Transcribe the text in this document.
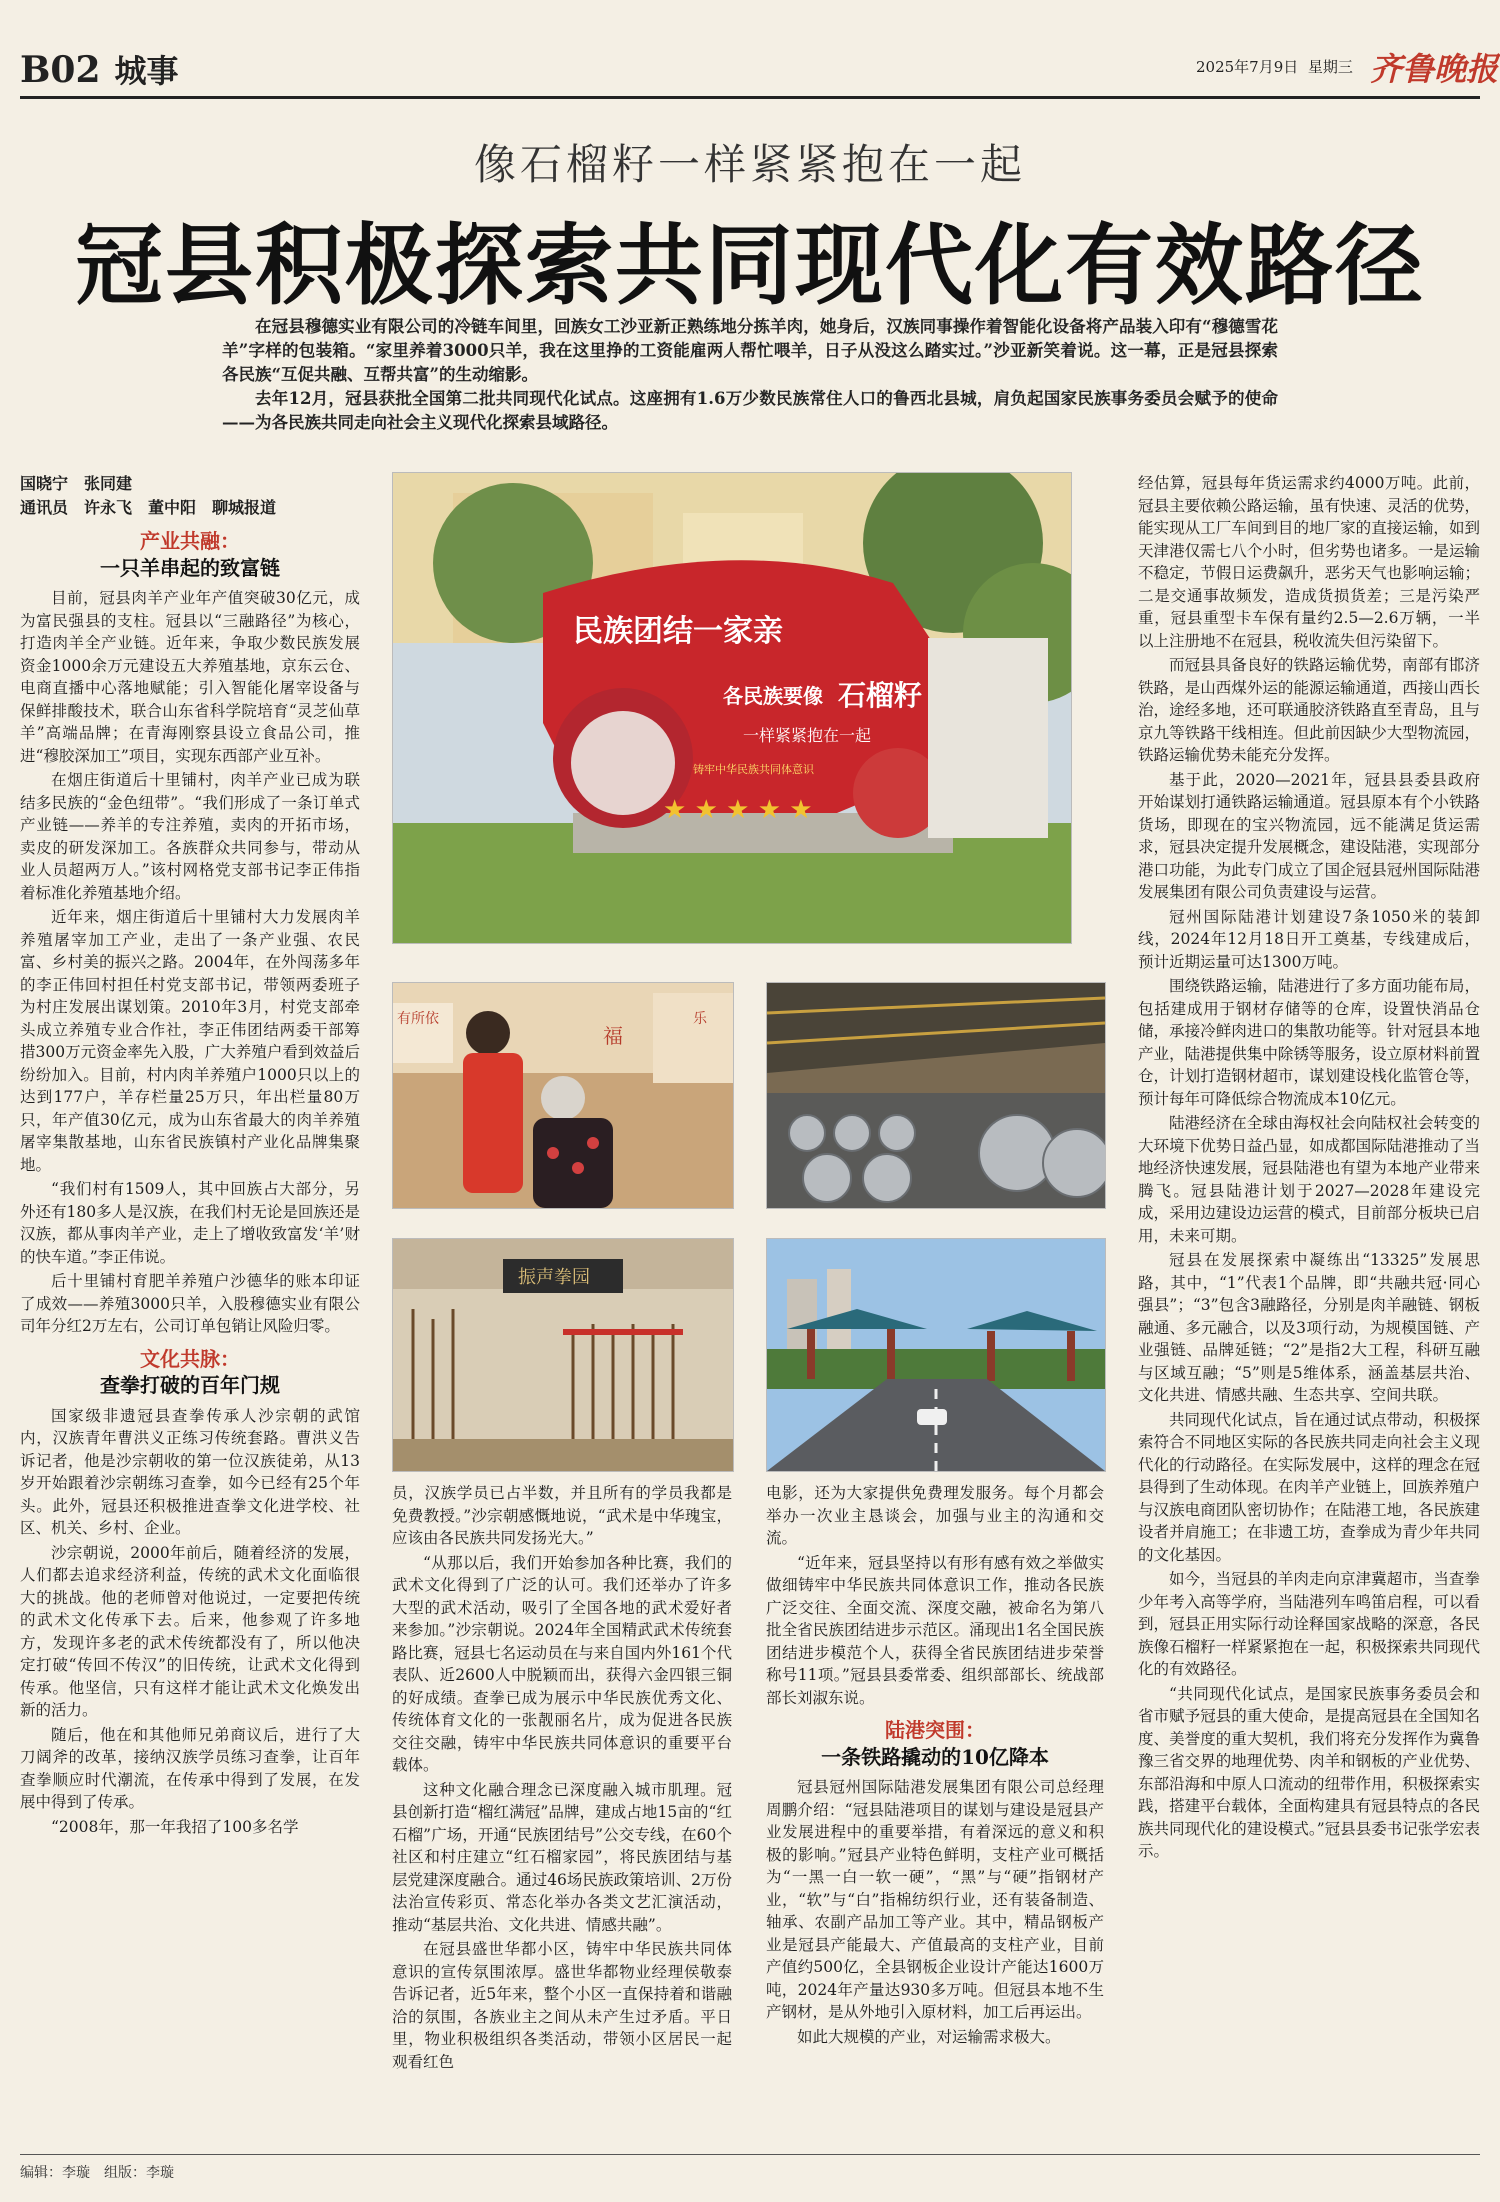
B02 城事	2025年7月9日 星期三 齐鲁晚报
像石榴籽一样紧紧抱在一起
冠县积极探索共同现代化有效路径

在冠县穆德实业有限公司的冷链车间里，回族女工沙亚新正熟练地分拣羊肉，她身后，汉族同事操作着智能化设备将产品装入印有“穆德雪花羊”字样的包装箱。“家里养着3000只羊，我在这里挣的工资能雇两人帮忙喂羊，日子从没这么踏实过。”沙亚新笑着说。这一幕，正是冠县探索各民族“互促共融、互帮共富”的生动缩影。

去年12月，冠县获批全国第二批共同现代化试点。这座拥有1.6万少数民族常住人口的鲁西北县城，肩负起国家民族事务委员会赋予的使命——为各民族共同走向社会主义现代化探索县域路径。

国晓宁　张同建
通讯员　许永飞　董中阳　聊城报道
产业共融：
一只羊串起的致富链

目前，冠县肉羊产业年产值突破30亿元，成为富民强县的支柱。冠县以“三融路径”为核心，打造肉羊全产业链。近年来，争取少数民族发展资金1000余万元建设五大养殖基地，京东云仓、电商直播中心落地赋能；引入智能化屠宰设备与保鲜排酸技术，联合山东省科学院培育“灵芝仙草羊”高端品牌；在青海刚察县设立食品公司，推进“穆胶深加工”项目，实现东西部产业互补。

在烟庄街道后十里铺村，肉羊产业已成为联结多民族的“金色纽带”。“我们形成了一条订单式产业链——养羊的专注养殖，卖肉的开拓市场，卖皮的研发深加工。各族群众共同参与，带动从业人员超两万人。”该村网格党支部书记李正伟指着标准化养殖基地介绍。

近年来，烟庄街道后十里铺村大力发展肉羊养殖屠宰加工产业，走出了一条产业强、农民富、乡村美的振兴之路。2004年，在外闯荡多年的李正伟回村担任村党支部书记，带领两委班子为村庄发展出谋划策。2010年3月，村党支部牵头成立养殖专业合作社，李正伟团结两委干部筹措300万元资金率先入股，广大养殖户看到效益后纷纷加入。目前，村内肉羊养殖户1000只以上的达到177户，羊存栏量25万只，年出栏量80万只，年产值30亿元，成为山东省最大的肉羊养殖屠宰集散基地，山东省民族镇村产业化品牌集聚地。

“我们村有1509人，其中回族占大部分，另外还有180多人是汉族，在我们村无论是回族还是汉族，都从事肉羊产业，走上了增收致富发‘羊’财的快车道。”李正伟说。

后十里铺村育肥羊养殖户沙德华的账本印证了成效——养殖3000只羊，入股穆德实业有限公司年分红2万左右，公司订单包销让风险归零。

文化共脉：
查拳打破的百年门规

国家级非遗冠县查拳传承人沙宗朝的武馆内，汉族青年曹洪义正练习传统套路。曹洪义告诉记者，他是沙宗朝收的第一位汉族徒弟，从13岁开始跟着沙宗朝练习查拳，如今已经有25个年头。此外，冠县还积极推进查拳文化进学校、社区、机关、乡村、企业。

沙宗朝说，2000年前后，随着经济的发展，人们都去追求经济利益，传统的武术文化面临很大的挑战。他的老师曾对他说过，一定要把传统的武术文化传承下去。后来，他参观了许多地方，发现许多老的武术传统都没有了，所以他决定打破“传回不传汉”的旧传统，让武术文化得到传承。他坚信，只有这样才能让武术文化焕发出新的活力。

随后，他在和其他师兄弟商议后，进行了大刀阔斧的改革，接纳汉族学员练习查拳，让百年查拳顺应时代潮流，在传承中得到了发展，在发展中得到了传承。

“2008年，那一年我招了100多名学

民族团结一家亲
各民族要像 石榴籽
一样紧紧抱在一起
铸牢中华民族共同体意识
★ ★ ★ ★ ★
有所依	乐
福
振声拳园

员，汉族学员已占半数，并且所有的学员我都是免费教授。”沙宗朝感慨地说，“武术是中华瑰宝，应该由各民族共同发扬光大。”

“从那以后，我们开始参加各种比赛，我们的武术文化得到了广泛的认可。我们还举办了许多大型的武术活动，吸引了全国各地的武术爱好者来参加。”沙宗朝说。2024年全国精武武术传统套路比赛，冠县七名运动员在与来自国内外161个代表队、近2600人中脱颖而出，获得六金四银三铜的好成绩。查拳已成为展示中华民族优秀文化、传统体育文化的一张靓丽名片，成为促进各民族交往交融，铸牢中华民族共同体意识的重要平台载体。

这种文化融合理念已深度融入城市肌理。冠县创新打造“榴红满冠”品牌，建成占地15亩的“红石榴”广场，开通“民族团结号”公交专线，在60个社区和村庄建立“红石榴家园”，将民族团结与基层党建深度融合。通过46场民族政策培训、2万份法治宣传彩页、常态化举办各类文艺汇演活动，推动“基层共治、文化共进、情感共融”。

在冠县盛世华都小区，铸牢中华民族共同体意识的宣传氛围浓厚。盛世华都物业经理侯敬泰告诉记者，近5年来，整个小区一直保持着和谐融洽的氛围，各族业主之间从未产生过矛盾。平日里，物业积极组织各类活动，带领小区居民一起观看红色

电影，还为大家提供免费理发服务。每个月都会举办一次业主恳谈会，加强与业主的沟通和交流。

“近年来，冠县坚持以有形有感有效之举做实做细铸牢中华民族共同体意识工作，推动各民族广泛交往、全面交流、深度交融，被命名为第八批全省民族团结进步示范区。涌现出1名全国民族团结进步模范个人，获得全省民族团结进步荣誉称号11项。”冠县县委常委、组织部部长、统战部部长刘淑东说。

陆港突围：
一条铁路撬动的10亿降本

冠县冠州国际陆港发展集团有限公司总经理周鹏介绍：“冠县陆港项目的谋划与建设是冠县产业发展进程中的重要举措，有着深远的意义和积极的影响。”冠县产业特色鲜明，支柱产业可概括为“一黑一白一软一硬”，“黑”与“硬”指钢材产业，“软”与“白”指棉纺织行业，还有装备制造、轴承、农副产品加工等产业。其中，精品钢板产业是冠县产能最大、产值最高的支柱产业，目前产值约500亿，全县钢板企业设计产能达1600万吨，2024年产量达930多万吨。但冠县本地不生产钢材，是从外地引入原材料，加工后再运出。

如此大规模的产业，对运输需求极大。

经估算，冠县每年货运需求约4000万吨。此前，冠县主要依赖公路运输，虽有快速、灵活的优势，能实现从工厂车间到目的地厂家的直接运输，如到天津港仅需七八个小时，但劣势也诸多。一是运输不稳定，节假日运费飙升，恶劣天气也影响运输；二是交通事故频发，造成货损货差；三是污染严重，冠县重型卡车保有量约2.5—2.6万辆，一半以上注册地不在冠县，税收流失但污染留下。

而冠县具备良好的铁路运输优势，南部有邯济铁路，是山西煤外运的能源运输通道，西接山西长治，途经多地，还可联通胶济铁路直至青岛，且与京九等铁路干线相连。但此前因缺少大型物流园，铁路运输优势未能充分发挥。

基于此，2020—2021年，冠县县委县政府开始谋划打通铁路运输通道。冠县原本有个小铁路货场，即现在的宝兴物流园，远不能满足货运需求，冠县决定提升发展概念，建设陆港，实现部分港口功能，为此专门成立了国企冠县冠州国际陆港发展集团有限公司负责建设与运营。

冠州国际陆港计划建设7条1050米的装卸线，2024年12月18日开工奠基，专线建成后，预计近期运量可达1300万吨。

围绕铁路运输，陆港进行了多方面功能布局，包括建成用于钢材存储等的仓库，设置快消品仓储，承接冷鲜肉进口的集散功能等。针对冠县本地产业，陆港提供集中除锈等服务，设立原材料前置仓，计划打造钢材超市，谋划建设栈化监管仓等，预计每年可降低综合物流成本10亿元。

陆港经济在全球由海权社会向陆权社会转变的大环境下优势日益凸显，如成都国际陆港推动了当地经济快速发展，冠县陆港也有望为本地产业带来腾飞。冠县陆港计划于2027—2028年建设完成，采用边建设边运营的模式，目前部分板块已启用，未来可期。

冠县在发展探索中凝练出“13325”发展思路，其中，“1”代表1个品牌，即“共融共冠·同心强县”；“3”包含3融路径，分别是肉羊融链、钢板融通、多元融合，以及3项行动，为规模国链、产业强链、品牌延链；“2”是指2大工程，科研互融与区域互融；“5”则是5维体系，涵盖基层共治、文化共进、情感共融、生态共享、空间共联。

共同现代化试点，旨在通过试点带动，积极探索符合不同地区实际的各民族共同走向社会主义现代化的行动路径。在实际发展中，这样的理念在冠县得到了生动体现。在肉羊产业链上，回族养殖户与汉族电商团队密切协作；在陆港工地，各民族建设者并肩施工；在非遗工坊，查拳成为青少年共同的文化基因。

如今，当冠县的羊肉走向京津冀超市，当查拳少年考入高等学府，当陆港列车鸣笛启程，可以看到，冠县正用实际行动诠释国家战略的深意，各民族像石榴籽一样紧紧抱在一起，积极探索共同现代化的有效路径。

“共同现代化试点，是国家民族事务委员会和省市赋予冠县的重大使命，是提高冠县在全国知名度、美誉度的重大契机，我们将充分发挥作为冀鲁豫三省交界的地理优势、肉羊和钢板的产业优势、东部沿海和中原人口流动的纽带作用，积极探索实践，搭建平台载体，全面构建具有冠县特点的各民族共同现代化的建设模式。”冠县县委书记张学宏表示。

编辑：李璇　组版：李璇
